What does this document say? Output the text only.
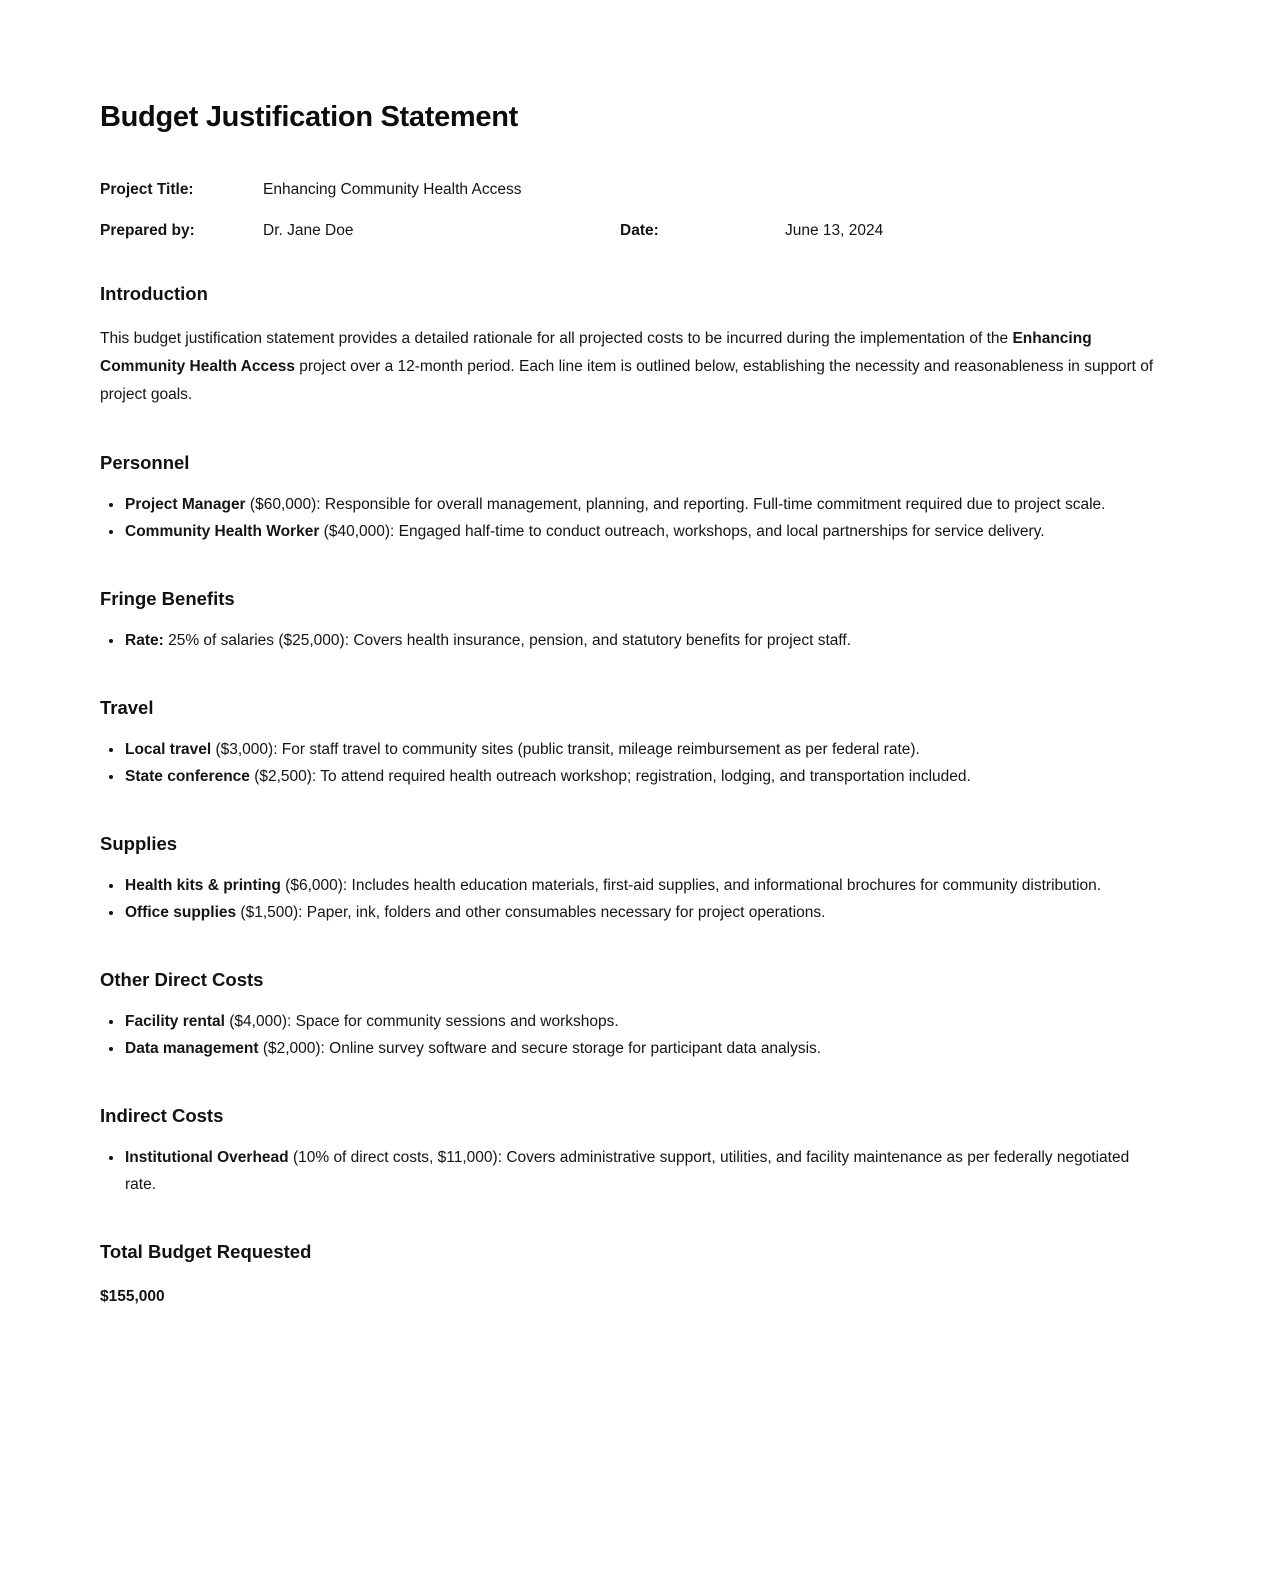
Budget Justification Statement
Project Title:	Enhancing Community Health Access
Prepared by:	Dr. Jane Doe	Date:	June 13, 2024
Introduction

This budget justification statement provides a detailed rationale for all projected costs to be incurred during the implementation of the Enhancing Community Health Access project over a 12-month period. Each line item is outlined below, establishing the necessity and reasonableness in support of project goals.

Personnel
• Project Manager ($60,000): Responsible for overall management, planning, and reporting. Full-time commitment required due to project scale.
• Community Health Worker ($40,000): Engaged half-time to conduct outreach, workshops, and local partnerships for service delivery.
Fringe Benefits
• Rate: 25% of salaries ($25,000): Covers health insurance, pension, and statutory benefits for project staff.
Travel
• Local travel ($3,000): For staff travel to community sites (public transit, mileage reimbursement as per federal rate).
• State conference ($2,500): To attend required health outreach workshop; registration, lodging, and transportation included.
Supplies
• Health kits & printing ($6,000): Includes health education materials, first-aid supplies, and informational brochures for community distribution.
• Office supplies ($1,500): Paper, ink, folders and other consumables necessary for project operations.
Other Direct Costs
• Facility rental ($4,000): Space for community sessions and workshops.
• Data management ($2,000): Online survey software and secure storage for participant data analysis.
Indirect Costs
• Institutional Overhead (10% of direct costs, $11,000): Covers administrative support, utilities, and facility maintenance as per federally negotiated rate.
Total Budget Requested

$155,000
